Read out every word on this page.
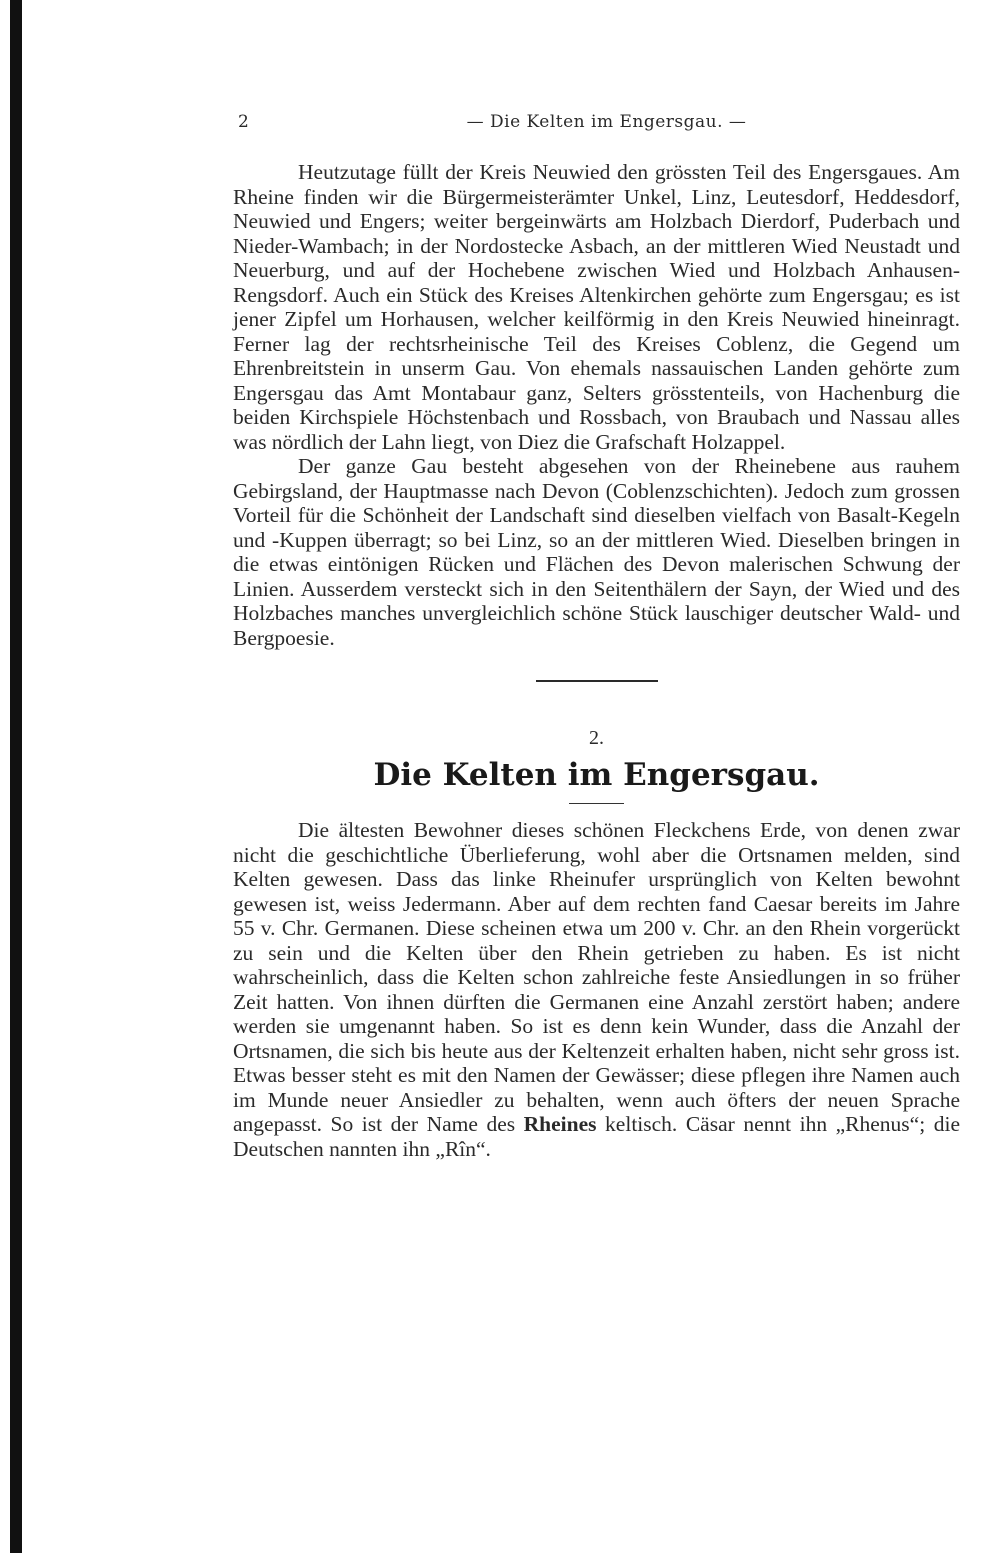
2	— Die Kelten im Engersgau. —

Heutzutage füllt der Kreis Neuwied den grössten Teil des Engersgaues. Am Rheine finden wir die Bürgermeisterämter Unkel, Linz, Leutesdorf, Heddesdorf, Neuwied und Engers; weiter bergeinwärts am Holzbach Dierdorf, Puderbach und Nieder-Wambach; in der Nordostecke Asbach, an der mittleren Wied Neustadt und Neuerburg, und auf der Hochebene zwischen Wied und Holzbach Anhausen-Rengsdorf. Auch ein Stück des Kreises Altenkirchen gehörte zum Engersgau; es ist jener Zipfel um Horhausen, welcher keilförmig in den Kreis Neuwied hineinragt. Ferner lag der rechtsrheinische Teil des Kreises Coblenz, die Gegend um Ehrenbreitstein in unserm Gau. Von ehemals nassauischen Landen gehörte zum Engersgau das Amt Montabaur ganz, Selters grösstenteils, von Hachenburg die beiden Kirchspiele Höchstenbach und Rossbach, von Braubach und Nassau alles was nördlich der Lahn liegt, von Diez die Grafschaft Holzappel.

Der ganze Gau besteht abgesehen von der Rheinebene aus rauhem Gebirgsland, der Hauptmasse nach Devon (Coblenzschichten). Jedoch zum grossen Vorteil für die Schönheit der Landschaft sind dieselben vielfach von Basalt-Kegeln und -Kuppen überragt; so bei Linz, so an der mittleren Wied. Dieselben bringen in die etwas eintönigen Rücken und Flächen des Devon malerischen Schwung der Linien. Ausserdem versteckt sich in den Seitenthälern der Sayn, der Wied und des Holzbaches manches unvergleichlich schöne Stück lauschiger deutscher Wald- und Bergpoesie.

2.
Die Kelten im Engersgau.

Die ältesten Bewohner dieses schönen Fleckchens Erde, von denen zwar nicht die geschichtliche Überlieferung, wohl aber die Ortsnamen melden, sind Kelten gewesen. Dass das linke Rheinufer ursprünglich von Kelten bewohnt gewesen ist, weiss Jedermann. Aber auf dem rechten fand Caesar bereits im Jahre 55 v. Chr. Germanen. Diese scheinen etwa um 200 v. Chr. an den Rhein vorgerückt zu sein und die Kelten über den Rhein getrieben zu haben. Es ist nicht wahrscheinlich, dass die Kelten schon zahlreiche feste Ansiedlungen in so früher Zeit hatten. Von ihnen dürften die Germanen eine Anzahl zerstört haben; andere werden sie umgenannt haben. So ist es denn kein Wunder, dass die Anzahl der Ortsnamen, die sich bis heute aus der Keltenzeit erhalten haben, nicht sehr gross ist. Etwas besser steht es mit den Namen der Gewässer; diese pflegen ihre Namen auch im Munde neuer Ansiedler zu behalten, wenn auch öfters der neuen Sprache angepasst. So ist der Name des Rheines keltisch. Cäsar nennt ihn „Rhenus“; die Deutschen nannten ihn „Rîn“.
